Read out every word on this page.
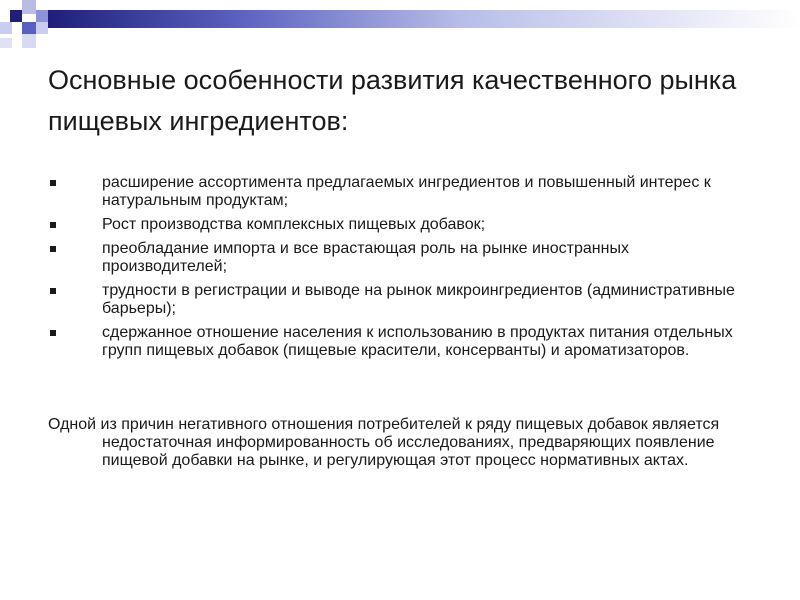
Основные особенности развития качественного рынка пищевых ингредиентов:
расширение ассортимента предлагаемых ингредиентов и повышенный интерес к натуральным продуктам;
Рост производства комплексных пищевых добавок;
преобладание импорта и все врастающая роль на рынке иностранных производителей;
трудности в регистрации и выводе на рынок микроингредиентов (административные барьеры);
сдержанное отношение населения к использованию в продуктах питания отдельных групп пищевых добавок (пищевые красители, консерванты) и ароматизаторов.

Одной из причин негативного отношения потребителей к ряду пищевых добавок является недостаточная информированность об исследованиях, предваряющих появление пищевой добавки на рынке, и регулирующая этот процесс нормативных актах.
